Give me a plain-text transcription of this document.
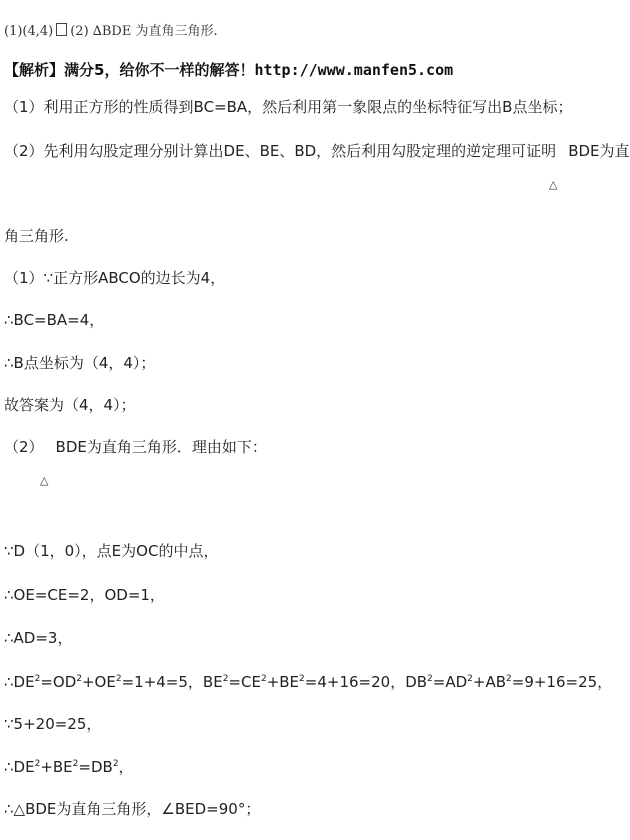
(1)(4,4) (2) ∆BDE 为直角三角形.
【解析】满分5，给你不一样的解答！http://www.manfen5.com
（1）利用正方形的性质得到BC=BA，然后利用第一象限点的坐标特征写出B点坐标；
（2）先利用勾股定理分别计算出DE、BE、BD，然后利用勾股定理的逆定理可证明 BDE为直
△
角三角形.
（1）∵正方形ABCO的边长为4，
∴BC=BA=4，
∴B点坐标为（4，4）；
故答案为（4，4）；
（2） BDE为直角三角形．理由如下：
△
∵D（1，0），点E为OC的中点，
∴OE=CE=2，OD=1，
∴AD=3，
$\therefore DE^2=OD^2+OE^2=1+4=5$，$BE^2=CE^2+BE^2=4+16=20$，$DB^2=AD^2+AB^2=9+16=25$，
∵5+20=25，
$\therefore DE^2+BE^2=DB^2$，
∴△BDE为直角三角形，∠BED=90°；
